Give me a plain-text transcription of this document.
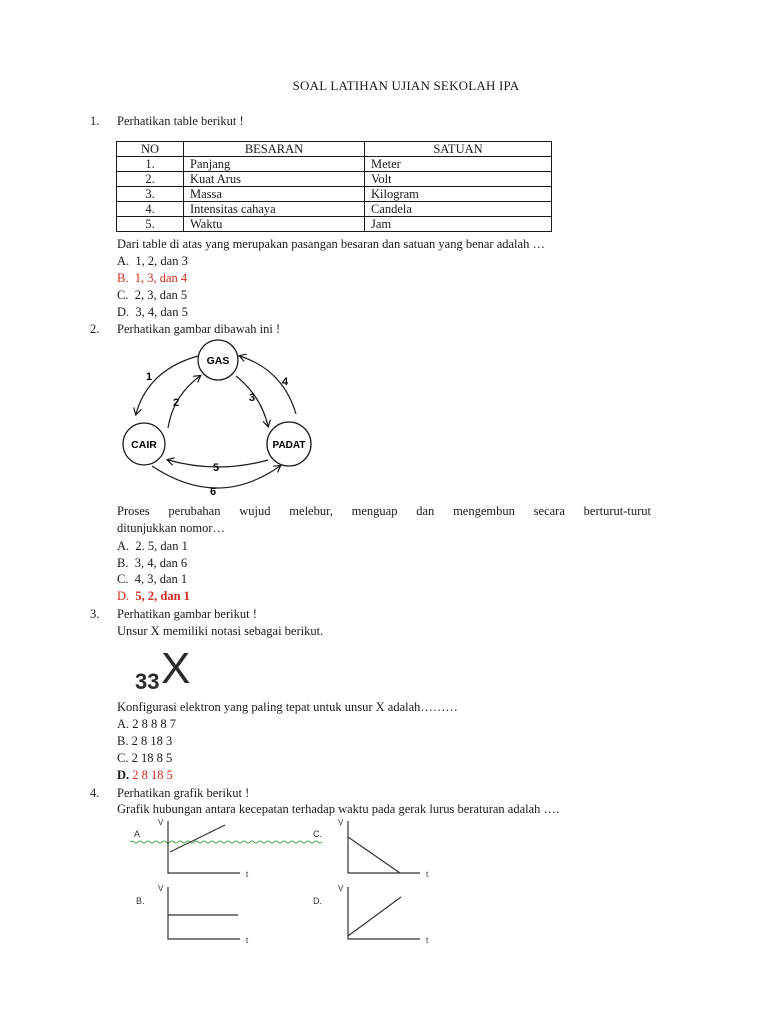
SOAL LATIHAN UJIAN SEKOLAH IPA
1. Perhatikan table berikut !
NO	BESARAN	SATUAN
1.	Panjang	Meter
2.	Kuat Arus	Volt
3.	Massa	Kilogram
4.	Intensitas cahaya	Candela
5.	Waktu	Jam
Dari table di atas yang merupakan pasangan besaran dan satuan yang benar adalah …
A. 1, 2, dan 3
B. 1, 3, dan 4
C. 2, 3, dan 5
D. 3, 4, dan 5
2. Perhatikan gambar dibawah ini !
GAS
CAIR	PADAT
1
2	3
4
5
6
Proses perubahan wujud melebur, menguap dan mengembun secara berturut-turut
ditunjukkan nomor…
A. 2. 5, dan 1
B. 3, 4, dan 6
C. 4, 3, dan 1
D. 5, 2, dan 1
3. Perhatikan gambar berikut !
Unsur X memiliki notasi sebagai berikut.
33 X
Konfigurasi elektron yang paling tepat untuk unsur X adalah………
A. 2 8 8 8 7
B. 2 8 18 3
C. 2 18 8 5
D. 2 8 18 5
4. Perhatikan grafik berikut !
Grafik hubungan antara kecepatan terhadap waktu pada gerak lurus beraturan adalah ….
A
V
t
C.
V
t
B.
V
t
D.
V
t
